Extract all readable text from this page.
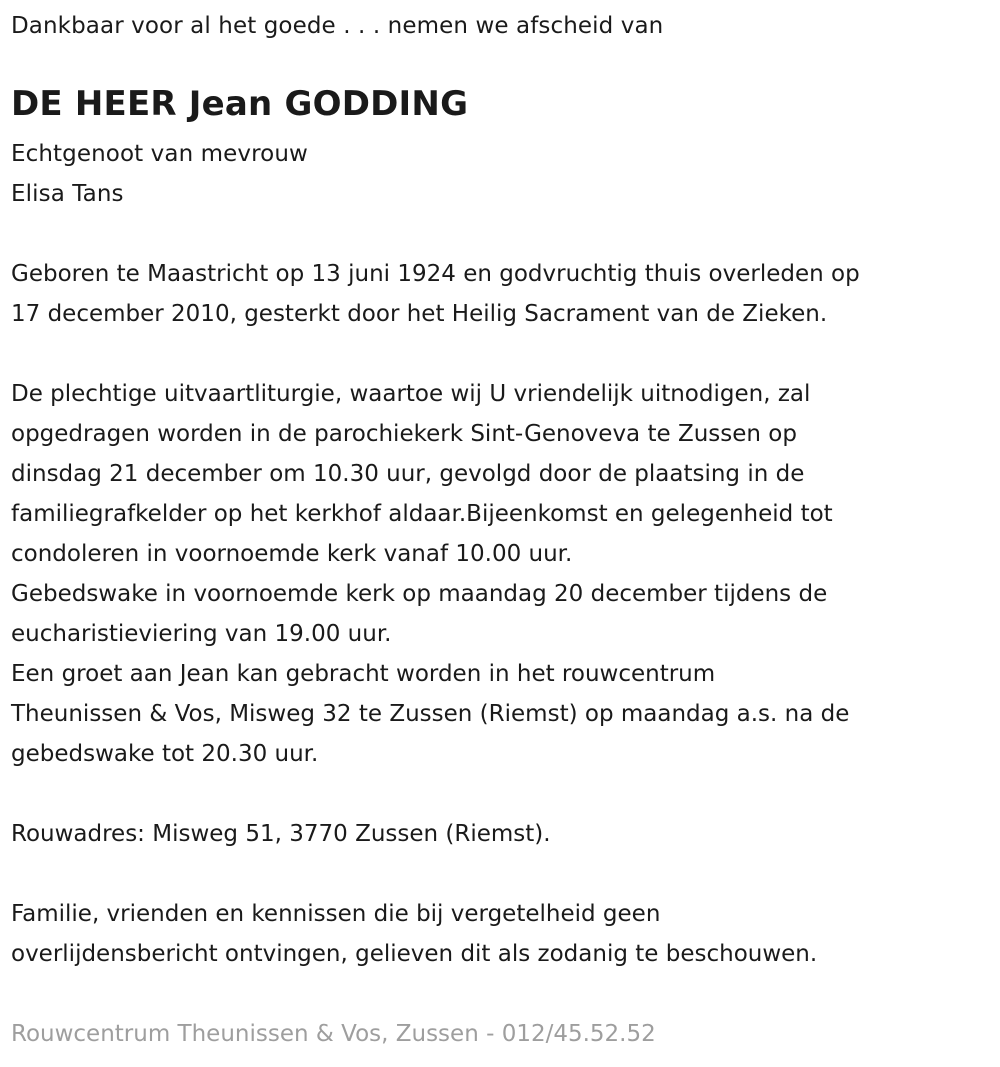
Dankbaar voor al het goede . . . nemen we afscheid van
DE HEER Jean GODDING
Echtgenoot van mevrouw
Elisa Tans

Geboren te Maastricht op 13 juni 1924 en godvruchtig thuis overleden op
17 december 2010, gesterkt door het Heilig Sacrament van de Zieken.

De plechtige uitvaartliturgie, waartoe wij U vriendelijk uitnodigen, zal
opgedragen worden in de parochiekerk Sint-Genoveva te Zussen op
dinsdag 21 december om 10.30 uur, gevolgd door de plaatsing in de
familiegrafkelder op het kerkhof aldaar.Bijeenkomst en gelegenheid tot
condoleren in voornoemde kerk vanaf 10.00 uur.
Gebedswake in voornoemde kerk op maandag 20 december tijdens de
eucharistieviering van 19.00 uur.
Een groet aan Jean kan gebracht worden in het rouwcentrum
Theunissen & Vos, Misweg 32 te Zussen (Riemst) op maandag a.s. na de
gebedswake tot 20.30 uur.

Rouwadres: Misweg 51, 3770 Zussen (Riemst).

Familie, vrienden en kennissen die bij vergetelheid geen
overlijdensbericht ontvingen, gelieven dit als zodanig te beschouwen.

Rouwcentrum Theunissen & Vos, Zussen - 012/45.52.52
